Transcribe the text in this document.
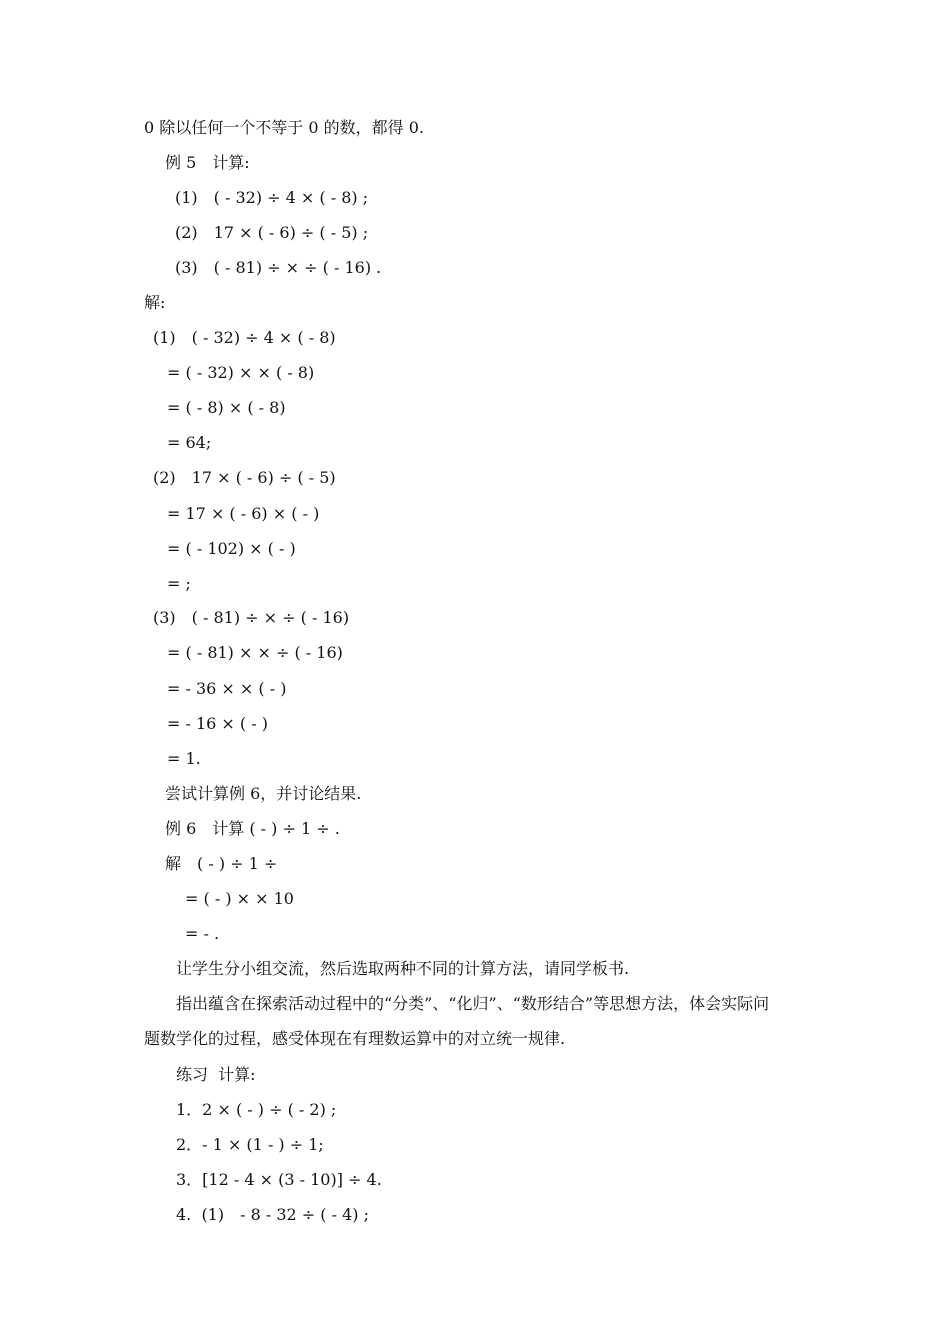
0 除以任何一个不等于 0 的数，都得 0.
例 5　计算:
(1)　( - 32) ÷ 4 × ( - 8) ;
(2)　17 × ( - 6) ÷ ( - 5) ;
(3)　( - 81) ÷ × ÷ ( - 16) .
解:
(1)　( - 32) ÷ 4 × ( - 8)
= ( - 32) × × ( - 8)
= ( - 8) × ( - 8)
= 64;
(2)　17 × ( - 6) ÷ ( - 5)
= 17 × ( - 6) × ( - )
= ( - 102) × ( - )
= ;
(3)　( - 81) ÷ × ÷ ( - 16)
= ( - 81) × × ÷ ( - 16)
= - 36 × × ( - )
= - 16 × ( - )
= 1.
尝试计算例 6，并讨论结果.
例 6　计算 ( - ) ÷ 1 ÷ .
解　( - ) ÷ 1 ÷
= ( - ) × × 10
= - .
让学生分小组交流，然后选取两种不同的计算方法，请同学板书.
指出蕴含在探索活动过程中的“分类”、“化归”、“数形结合”等思想方法，体会实际问
题数学化的过程，感受体现在有理数运算中的对立统一规律.
练习  计算:
1．2 × ( - ) ÷ ( - 2) ;
2．- 1 × (1 - ) ÷ 1;
3．[12 - 4 × (3 - 10)] ÷ 4.
4.  (1)　- 8 - 32 ÷ ( - 4) ;
